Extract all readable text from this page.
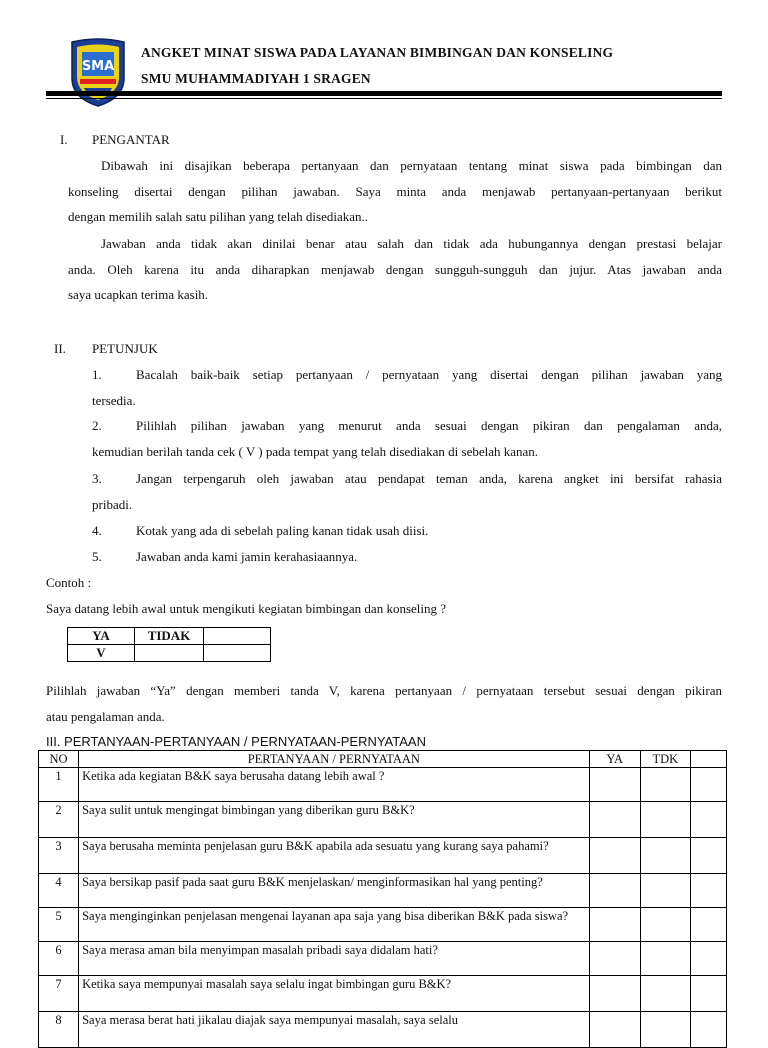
SMA
ANGKET MINAT SISWA PADA LAYANAN BIMBINGAN DAN KONSELING
SMU MUHAMMADIYAH 1 SRAGEN
I. PENGANTAR
Dibawah ini disajikan beberapa pertanyaan dan pernyataan tentang minat siswa pada bimbingan dan
konseling disertai dengan pilihan jawaban. Saya minta anda menjawab pertanyaan-pertanyaan berikut
dengan memilih salah satu pilihan yang telah disediakan..
Jawaban anda tidak akan dinilai benar atau salah dan tidak ada hubungannya dengan prestasi belajar
anda. Oleh karena itu anda diharapkan menjawab dengan sungguh-sungguh dan jujur. Atas jawaban anda
saya ucapkan terima kasih.
II. PETUNJUK
1.	Bacalah baik-baik setiap pertanyaan / pernyataan yang disertai dengan pilihan jawaban yang
tersedia.
2.	Pilihlah pilihan jawaban yang menurut anda sesuai dengan pikiran dan pengalaman anda,
kemudian berilah tanda cek ( V ) pada tempat yang telah disediakan di sebelah kanan.
3.	Jangan terpengaruh oleh jawaban atau pendapat teman anda, karena angket ini bersifat rahasia
pribadi.
4.	Kotak yang ada di sebelah paling kanan tidak usah diisi.
5.	Jawaban anda kami jamin kerahasiaannya.
Contoh :
Saya datang lebih awal untuk mengikuti kegiatan bimbingan dan konseling ?
YA	TIDAK	
V		
Pilihlah jawaban “Ya” dengan memberi tanda V, karena pertanyaan / pernyataan tersebut sesuai dengan pikiran
atau pengalaman anda.
III. PERTANYAAN-PERTANYAAN / PERNYATAAN-PERNYATAAN
NO	PERTANYAAN / PERNYATAAN	YA	TDK	
1	Ketika ada kegiatan B&K saya berusaha datang lebih awal ?			
2	Saya sulit untuk mengingat bimbingan yang diberikan guru B&K?			
3	Saya berusaha meminta penjelasan guru B&K apabila ada sesuatu yang kurang saya pahami?			
4	Saya bersikap pasif pada saat guru B&K menjelaskan/ menginformasikan hal yang penting?			
5	Saya menginginkan penjelasan mengenai layanan apa saja yang bisa diberikan B&K pada siswa?			
6	Saya merasa aman bila menyimpan masalah pribadi saya didalam hati?			
7	Ketika saya mempunyai masalah saya selalu ingat bimbingan guru B&K?			
8	Saya merasa berat hati jikalau diajak saya mempunyai masalah, saya selalu			
